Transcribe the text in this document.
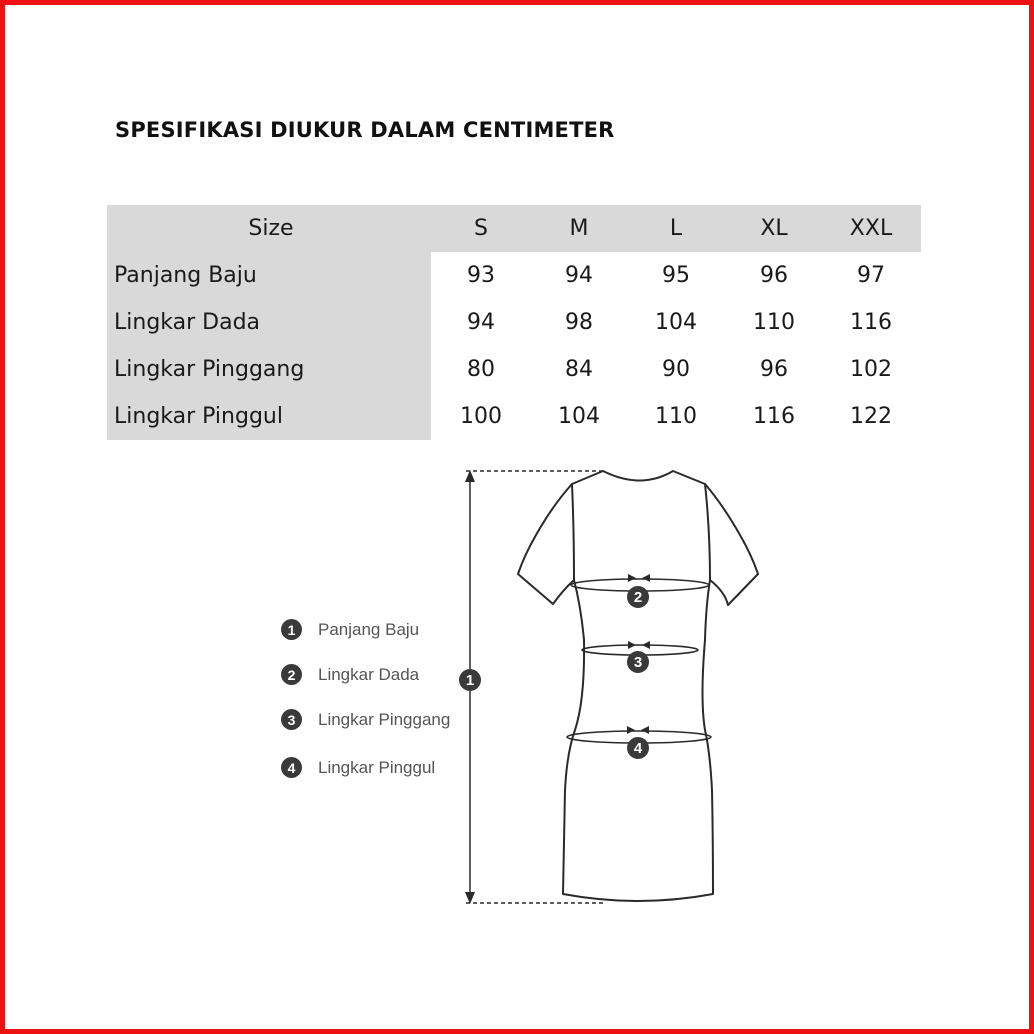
SPESIFIKASI DIUKUR DALAM CENTIMETER
Size	S	M	L	XL	XXL
Panjang Baju	93	94	95	96	97
Lingkar Dada	94	98	104	110	116
Lingkar Pinggang	80	84	90	96	102
Lingkar Pinggul	100	104	110	116	122
1	Panjang Baju
2	Lingkar Dada
3	Lingkar Pinggang
4	Lingkar Pinggul
1
2
3
4
